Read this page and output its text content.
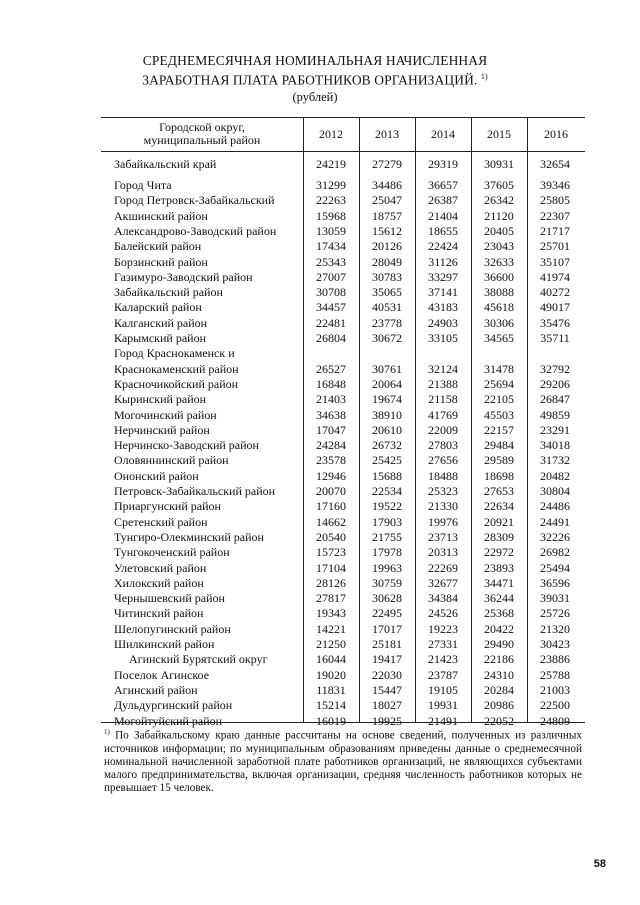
СРЕДНЕМЕСЯЧНАЯ НОМИНАЛЬНАЯ НАЧИСЛЕННАЯ
ЗАРАБОТНАЯ ПЛАТА РАБОТНИКОВ ОРГАНИЗАЦИЙ. $^{1)}$
(рублей)
Городской округ,
муниципальный район	2012	2013	2014	2015	2016
Забайкальский край	24219	27279	29319	30931	32654
Город Чита	31299	34486	36657	37605	39346
Город Петровск-Забайкальский	22263	25047	26387	26342	25805
Акшинский район	15968	18757	21404	21120	22307
Александрово-Заводский район	13059	15612	18655	20405	21717
Балейский район	17434	20126	22424	23043	25701
Борзинский район	25343	28049	31126	32633	35107
Газимуро-Заводский район	27007	30783	33297	36600	41974
Забайкальский район	30708	35065	37141	38088	40272
Каларский район	34457	40531	43183	45618	49017
Калганский район	22481	23778	24903	30306	35476
Карымский район	26804	30672	33105	34565	35711
Город Краснокаменск и
Краснокаменский район	26527	30761	32124	31478	32792
Красночикойский район	16848	20064	21388	25694	29206
Кыринский район	21403	19674	21158	22105	26847
Могочинский район	34638	38910	41769	45503	49859
Нерчинский район	17047	20610	22009	22157	23291
Нерчинско-Заводский район	24284	26732	27803	29484	34018
Оловяннинский район	23578	25425	27656	29589	31732
Ононский район	12946	15688	18488	18698	20482
Петровск-Забайкальский район	20070	22534	25323	27653	30804
Приаргунский район	17160	19522	21330	22634	24486
Сретенский район	14662	17903	19976	20921	24491
Тунгиро-Олекминский район	20540	21755	23713	28309	32226
Тунгокоченский район	15723	17978	20313	22972	26982
Улетовский район	17104	19963	22269	23893	25494
Хилокский район	28126	30759	32677	34471	36596
Чернышевский район	27817	30628	34384	36244	39031
Читинский район	19343	22495	24526	25368	25726
Шелопугинский район	14221	17017	19223	20422	21320
Шилкинский район	21250	25181	27331	29490	30423
Агинский Бурятский округ	16044	19417	21423	22186	23886
Поселок Агинское	19020	22030	23787	24310	25788
Агинский район	11831	15447	19105	20284	21003
Дульдургинский район	15214	18027	19931	20986	22500
Могойтуйский район	16019	19925	21491	22052	24809
$^{1)}$ По Забайкальскому краю данные рассчитаны на основе сведений, полученных из различных источников информации; по муниципальным образованиям приведены данные о среднемесячной номинальной начисленной заработной плате работников организаций, не являющихся субъектами малого предпринимательства, включая организации, средняя численность работников которых не превышает 15 человек.
58
